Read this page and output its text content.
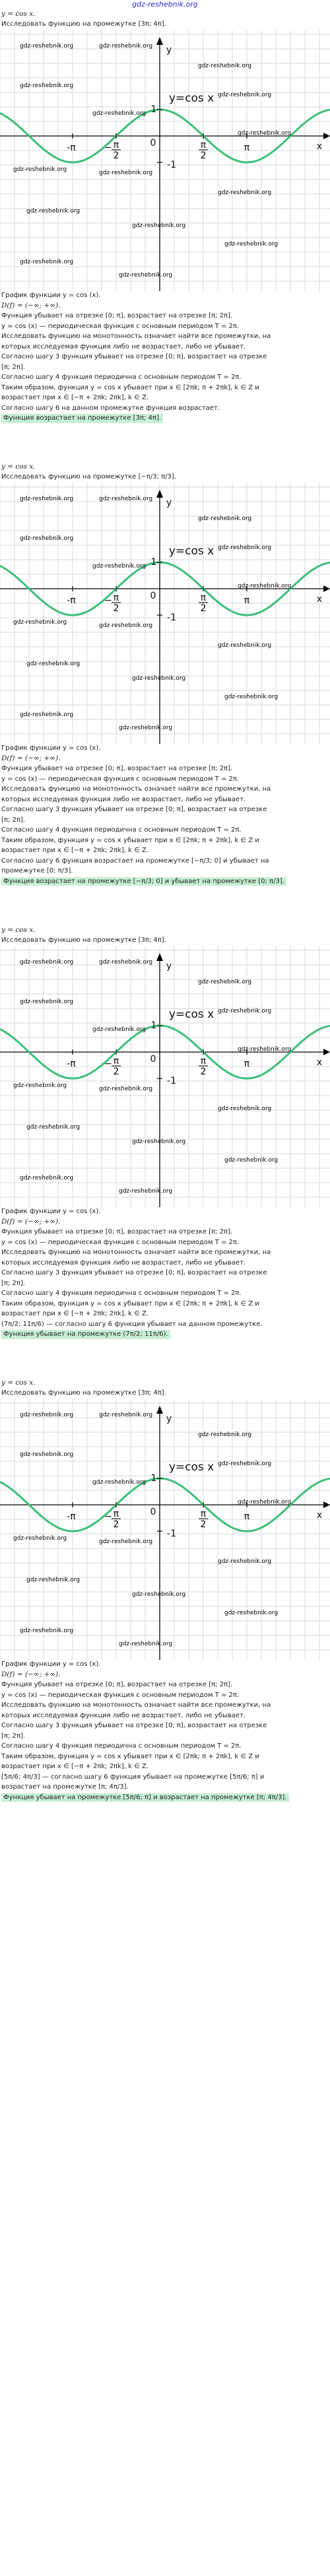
gdz-reshebnik.org
y = cos x.
Исследовать функцию на промежутке [3π; 4π].
y
x
0
1
-1
-π	− π
2
π
2
π
y=cos x
gdz-reshebnik.org	gdz-reshebnik.org
gdz-reshebnik.org
gdz-reshebnik.org
gdz-reshebnik.org
gdz-reshebnik.org
gdz-reshebnik.org
gdz-reshebnik.org	gdz-reshebnik.org
gdz-reshebnik.org
gdz-reshebnik.org
gdz-reshebnik.org
gdz-reshebnik.org
gdz-reshebnik.org
gdz-reshebnik.org
График функции y = cos (x).
D(f) = (−∞; +∞).
Функция убывает на отрезке [0; π], возрастает на отрезке [π; 2π].
y = cos (x) — периодическая функция с основным периодом T = 2π.
Исследовать функцию на монотонность означает найти все промежутки, на
которых исследуемая функция либо не возрастает, либо не убывает.
Согласно шагу 3 функция убывает на отрезке [0; π], возрастает на отрезке
[π; 2π].
Согласно шагу 4 функция периодична с основным периодом T = 2π.
Таким образом, функция y = cos x убывает при x ∈ [2πk; π + 2πk], k ∈ Z и
возрастает при x ∈ [−π + 2πk; 2πk], k ∈ Z.
Согласно шагу 6 на данном промежутке функция возрастает.
Функция возрастает на промежутке [3π; 4π].
y = cos x.
Исследовать функцию на промежутке [−π/3; π/3].
y
x
0
1
-1
-π	− π
2
π
2
π
y=cos x
gdz-reshebnik.org	gdz-reshebnik.org
gdz-reshebnik.org
gdz-reshebnik.org
gdz-reshebnik.org
gdz-reshebnik.org
gdz-reshebnik.org
gdz-reshebnik.org	gdz-reshebnik.org
gdz-reshebnik.org
gdz-reshebnik.org
gdz-reshebnik.org
gdz-reshebnik.org
gdz-reshebnik.org
gdz-reshebnik.org
График функции y = cos (x).
D(f) = (−∞; +∞).
Функция убывает на отрезке [0; π], возрастает на отрезке [π; 2π].
y = cos (x) — периодическая функция с основным периодом T = 2π.
Исследовать функцию на монотонность означает найти все промежутки, на
которых исследуемая функция либо не возрастает, либо не убывает.
Согласно шагу 3 функция убывает на отрезке [0; π], возрастает на отрезке
[π; 2π].
Согласно шагу 4 функция периодична с основным периодом T = 2π.
Таким образом, функция y = cos x убывает при x ∈ [2πk; π + 2πk], k ∈ Z и
возрастает при x ∈ [−π + 2πk; 2πk], k ∈ Z.
Согласно шагу 6 функция возрастает на промежутке [−π/3; 0] и убывает на
промежутке [0; π/3].
Функция возрастает на промежутке [−π/3; 0] и убывает на промежутке [0; π/3].
y = cos x.
Исследовать функцию на промежутке [3π; 4π].
y
x
0
1
-1
-π	− π
2
π
2
π
y=cos x
gdz-reshebnik.org	gdz-reshebnik.org
gdz-reshebnik.org
gdz-reshebnik.org
gdz-reshebnik.org
gdz-reshebnik.org
gdz-reshebnik.org
gdz-reshebnik.org	gdz-reshebnik.org
gdz-reshebnik.org
gdz-reshebnik.org
gdz-reshebnik.org
gdz-reshebnik.org
gdz-reshebnik.org
gdz-reshebnik.org
График функции y = cos (x).
D(f) = (−∞; +∞).
Функция убывает на отрезке [0; π], возрастает на отрезке [π; 2π].
y = cos (x) — периодическая функция с основным периодом T = 2π.
Исследовать функцию на монотонность означает найти все промежутки, на
которых исследуемая функция либо не возрастает, либо не убывает.
Согласно шагу 3 функция убывает на отрезке [0; π], возрастает на отрезке
[π; 2π].
Согласно шагу 4 функция периодична с основным периодом T = 2π.
Таким образом, функция y = cos x убывает при x ∈ [2πk; π + 2πk], k ∈ Z и
возрастает при x ∈ [−π + 2πk; 2πk], k ∈ Z.
(7π/2; 11π/6) — согласно шагу 6 функция убывает на данном промежутке.
Функция убывает на промежутке (7π/2; 11π/6).
y = cos x.
Исследовать функцию на промежутке [3π; 4π].
y
x
0
1
-1
-π	− π
2
π
2
π
y=cos x
gdz-reshebnik.org	gdz-reshebnik.org
gdz-reshebnik.org
gdz-reshebnik.org
gdz-reshebnik.org
gdz-reshebnik.org
gdz-reshebnik.org
gdz-reshebnik.org	gdz-reshebnik.org
gdz-reshebnik.org
gdz-reshebnik.org
gdz-reshebnik.org
gdz-reshebnik.org
gdz-reshebnik.org
gdz-reshebnik.org
График функции y = cos (x).
D(f) = (−∞; +∞).
Функция убывает на отрезке [0; π], возрастает на отрезке [π; 2π].
y = cos (x) — периодическая функция с основным периодом T = 2π.
Исследовать функцию на монотонность означает найти все промежутки, на
которых исследуемая функция либо не возрастает, либо не убывает.
Согласно шагу 3 функция убывает на отрезке [0; π], возрастает на отрезке
[π; 2π].
Согласно шагу 4 функция периодична с основным периодом T = 2π.
Таким образом, функция y = cos x убывает при x ∈ [2πk; π + 2πk], k ∈ Z и
возрастает при x ∈ [−π + 2πk; 2πk], k ∈ Z.
[5π/6; 4π/3] — согласно шагу 6 функция убывает на промежутке [5π/6; π] и
возрастает на промежутке [π; 4π/3].
Функция убывает на промежутке [5π/6; π] и возрастает на промежутке [π; 4π/3].
